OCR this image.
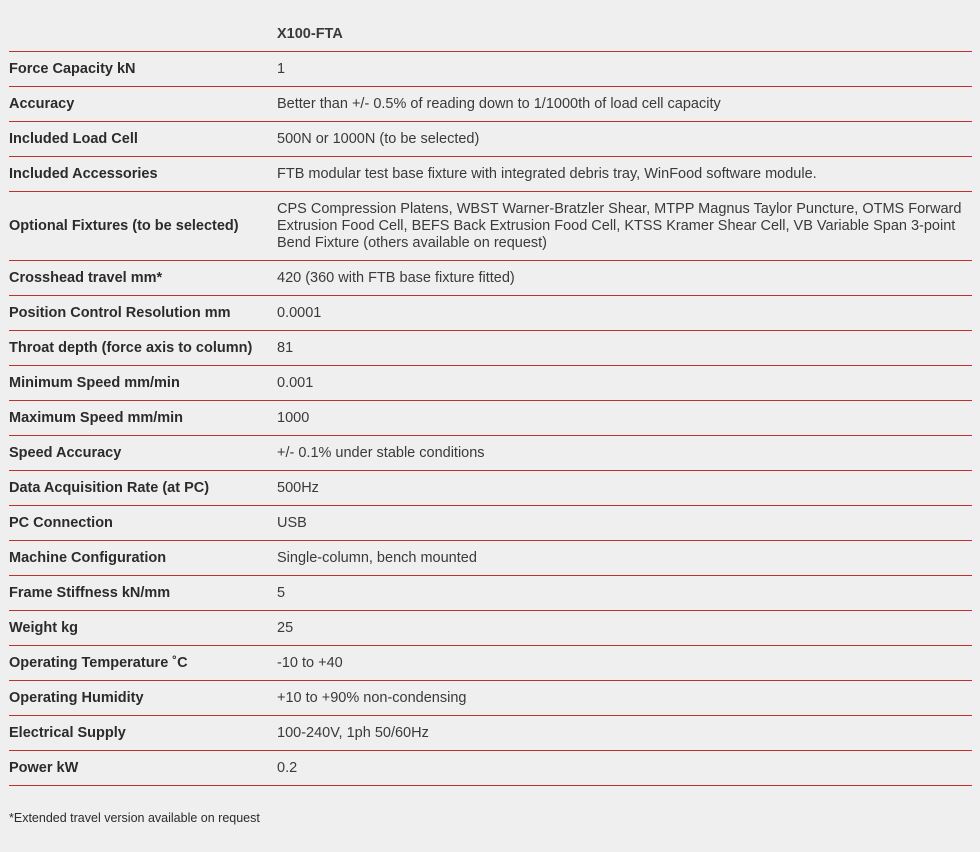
	X100-FTA
Force Capacity kN	1
Accuracy	Better than +/- 0.5% of reading down to 1/1000th of load cell capacity
Included Load Cell	500N or 1000N (to be selected)
Included Accessories	FTB modular test base fixture with integrated debris tray, WinFood software module.
Optional Fixtures (to be selected)	CPS Compression Platens, WBST Warner-Bratzler Shear, MTPP Magnus Taylor Puncture, OTMS Forward Extrusion Food Cell, BEFS Back Extrusion Food Cell, KTSS Kramer Shear Cell, VB Variable Span 3-point Bend Fixture (others available on request)
Crosshead travel mm*	420 (360 with FTB base fixture fitted)
Position Control Resolution mm	0.0001
Throat depth (force axis to column)	81
Minimum Speed mm/min	0.001
Maximum Speed mm/min	1000
Speed Accuracy	+/- 0.1% under stable conditions
Data Acquisition Rate (at PC)	500Hz
PC Connection	USB
Machine Configuration	Single-column, bench mounted
Frame Stiffness kN/mm	5
Weight kg	25
Operating Temperature ˚C	-10 to +40
Operating Humidity	+10 to +90% non-condensing
Electrical Supply	100-240V, 1ph 50/60Hz
Power kW	0.2
*Extended travel version available on request
